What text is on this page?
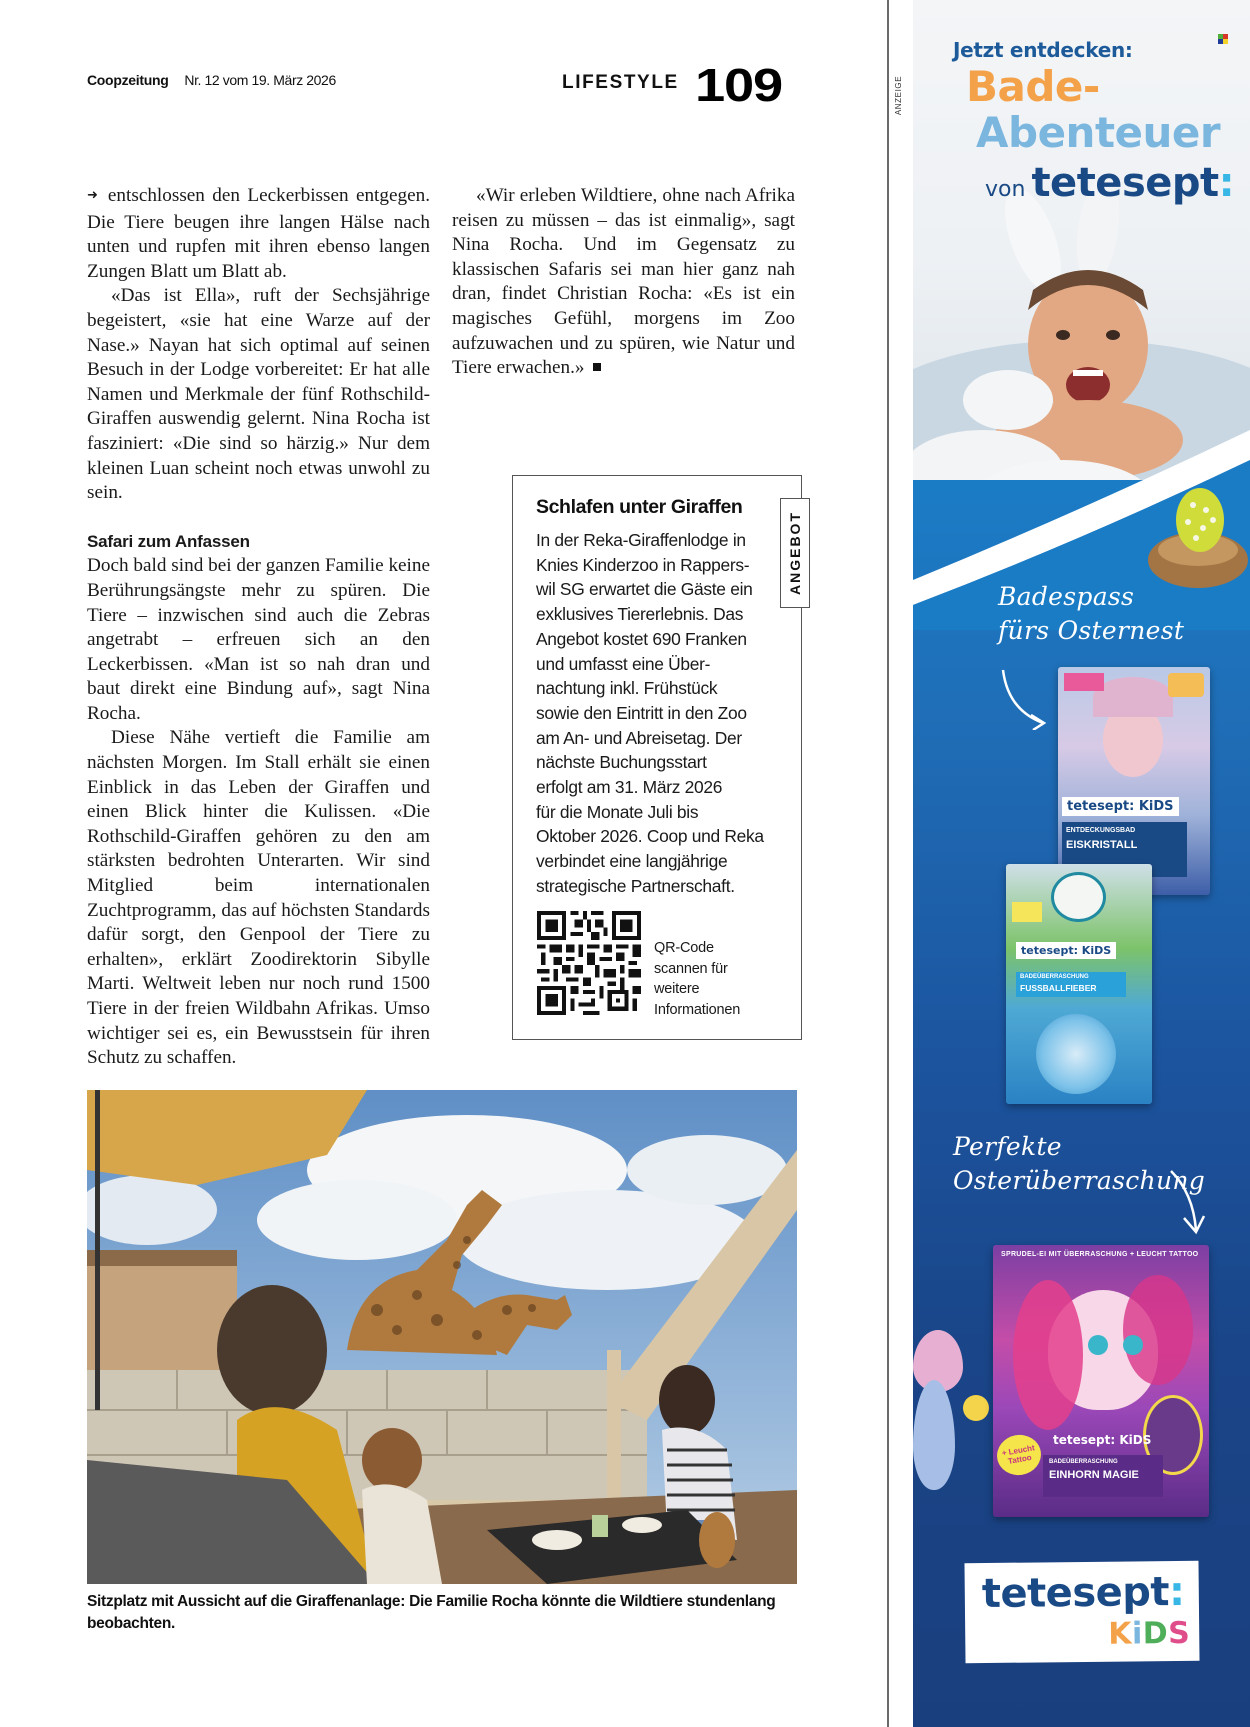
Coopzeitung Nr. 12 vom 19. März 2026	LIFESTYLE 109

➜ entschlossen den Leckerbissen entgegen. Die Tiere beugen ihre langen Hälse nach unten und rupfen mit ihren ebenso langen Zungen Blatt um Blatt ab.

«Das ist Ella», ruft der Sechsjährige begeistert, «sie hat eine Warze auf der Nase.» Nayan hat sich optimal auf seinen Besuch in der Lodge vorbereitet: Er hat alle Namen und Merkmale der fünf Rothschild-Giraffen auswendig gelernt. Nina Rocha ist fasziniert: «Die sind so härzig.» Nur dem kleinen Luan scheint noch etwas unwohl zu sein.

Safari zum Anfassen

Doch bald sind bei der ganzen Familie keine Berührungsängste mehr zu spüren. Die Tiere – inzwischen sind auch die Zebras angetrabt – erfreuen sich an den Leckerbissen. «Man ist so nah dran und baut direkt eine Bindung auf», sagt Nina Rocha.

Diese Nähe vertieft die Familie am nächsten Morgen. Im Stall erhält sie einen Einblick in das Leben der Giraffen und einen Blick hinter die Kulissen. «Die Rothschild-Giraffen gehören zu den am stärksten bedrohten Unterarten. Wir sind Mitglied beim internationalen Zuchtprogramm, das auf höchsten Standards dafür sorgt, den Genpool der Tiere zu erhalten», erklärt Zoodirektorin Sibylle Marti. Weltweit leben nur noch rund 1500 Tiere in der freien Wildbahn Afrikas. Umso wichtiger sei es, ein Bewusstsein für ihren Schutz zu schaffen.

«Wir erleben Wildtiere, ohne nach Afrika reisen zu müssen – das ist einmalig», sagt Nina Rocha. Und im Gegensatz zu klassischen Safaris sei man hier ganz nah dran, findet Christian Rocha: «Es ist ein magisches Gefühl, morgens im Zoo aufzuwachen und zu spüren, wie Natur und Tiere erwachen.»

ANGEBOT
Schlafen unter Giraffen
In der Reka-Giraffenlodge in
Knies Kinderzoo in Rappers-
wil SG erwartet die Gäste ein
exklusives Tiererlebnis. Das
Angebot kostet 690 Franken
und umfasst eine Über-
nachtung inkl. Frühstück
sowie den Eintritt in den Zoo
am An- und Abreisetag. Der
nächste Buchungsstart
erfolgt am 31. März 2026
für die Monate Juli bis
Oktober 2026. Coop und Reka
verbindet eine langjährige
strategische Partnerschaft.
QR-Code
scannen für
weitere
Informationen
Sitzplatz mit Aussicht auf die Giraffenanlage: Die Familie Rocha könnte die Wildtiere stundenlang beobachten.
ANZEIGE
Jetzt entdecken:
Bade-
Abenteuer
von tetesept:
Badespass
fürs Osternest
tetesept: KiDS
ENTDECKUNGSBAD
EISKRISTALL
tetesept: KiDS
BADEÜBERRASCHUNG
FUSSBALLFIEBER
Perfekte
Osterüberraschung
SPRUDEL-EI MIT ÜBERRASCHUNG + LEUCHT TATTOO
+ Leucht Tattoo
tetesept: KiDS
BADEÜBERRASCHUNG
EINHORN MAGIE
tetesept:
KiDS
